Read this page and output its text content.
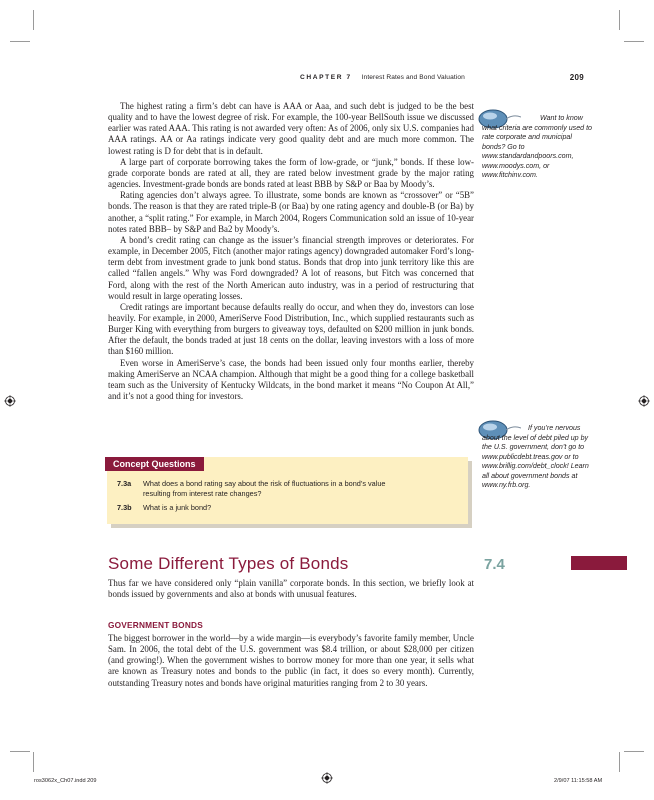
CHAPTER 7 Interest Rates and Bond Valuation	209

The highest rating a firm’s debt can have is AAA or Aaa, and such debt is judged to be the best quality and to have the lowest degree of risk. For example, the 100-year BellSouth issue we discussed earlier was rated AAA. This rating is not awarded very often: As of 2006, only six U.S. companies had AAA ratings. AA or Aa ratings indicate very good quality debt and are much more common. The lowest rating is D for debt that is in default.

A large part of corporate borrowing takes the form of low-grade, or “junk,” bonds. If these low-grade corporate bonds are rated at all, they are rated below investment grade by the major rating agencies. Investment-grade bonds are bonds rated at least BBB by S&P or Baa by Moody’s.

Rating agencies don’t always agree. To illustrate, some bonds are known as “crossover” or “5B” bonds. The reason is that they are rated triple-B (or Baa) by one rating agency and double-B (or Ba) by another, a “split rating.” For example, in March 2004, Rogers Communication sold an issue of 10-year notes rated BBB– by S&P and Ba2 by Moody’s.

A bond’s credit rating can change as the issuer’s financial strength improves or deteriorates. For example, in December 2005, Fitch (another major ratings agency) downgraded automaker Ford’s long-term debt from investment grade to junk bond status. Bonds that drop into junk territory like this are called “fallen angels.” Why was Ford downgraded? A lot of reasons, but Fitch was concerned that Ford, along with the rest of the North American auto industry, was in a period of restructuring that would result in large operating losses.

Credit ratings are important because defaults really do occur, and when they do, investors can lose heavily. For example, in 2000, AmeriServe Food Distribution, Inc., which supplied restaurants such as Burger King with everything from burgers to giveaway toys, defaulted on $200 million in junk bonds. After the default, the bonds traded at just 18 cents on the dollar, leaving investors with a loss of more than $160 million.

Even worse in AmeriServe’s case, the bonds had been issued only four months earlier, thereby making AmeriServe an NCAA champion. Although that might be a good thing for a college basketball team such as the University of Kentucky Wildcats, in the bond market it means “No Coupon At All,” and it’s not a good thing for investors.

Want to know what criteria are commonly used to rate corporate and municipal bonds? Go to www.standardandpoors.com, www.moodys.com, or www.fitchinv.com.
If you’re nervous about the level of debt piled up by the U.S. government, don’t go to www.publicdebt.treas.gov or to www.brillig.com/debt_clock! Learn all about government bonds at www.ny.frb.org.
Concept Questions
7.3a What does a bond rating say about the risk of fluctuations in a bond’s value
resulting from interest rate changes?
7.3b What is a junk bond?
Some Different Types of Bonds	7.4

Thus far we have considered only “plain vanilla” corporate bonds. In this section, we briefly look at bonds issued by governments and also at bonds with unusual features.

GOVERNMENT BONDS

The biggest borrower in the world—by a wide margin—is everybody’s favorite family member, Uncle Sam. In 2006, the total debt of the U.S. government was $8.4 trillion, or about $28,000 per citizen (and growing!). When the government wishes to borrow money for more than one year, it sells what are known as Treasury notes and bonds to the public (in fact, it does so every month). Currently, outstanding Treasury notes and bonds have original maturities ranging from 2 to 30 years.

ros3062x_Ch07.indd 209	2/9/07 11:15:58 AM
